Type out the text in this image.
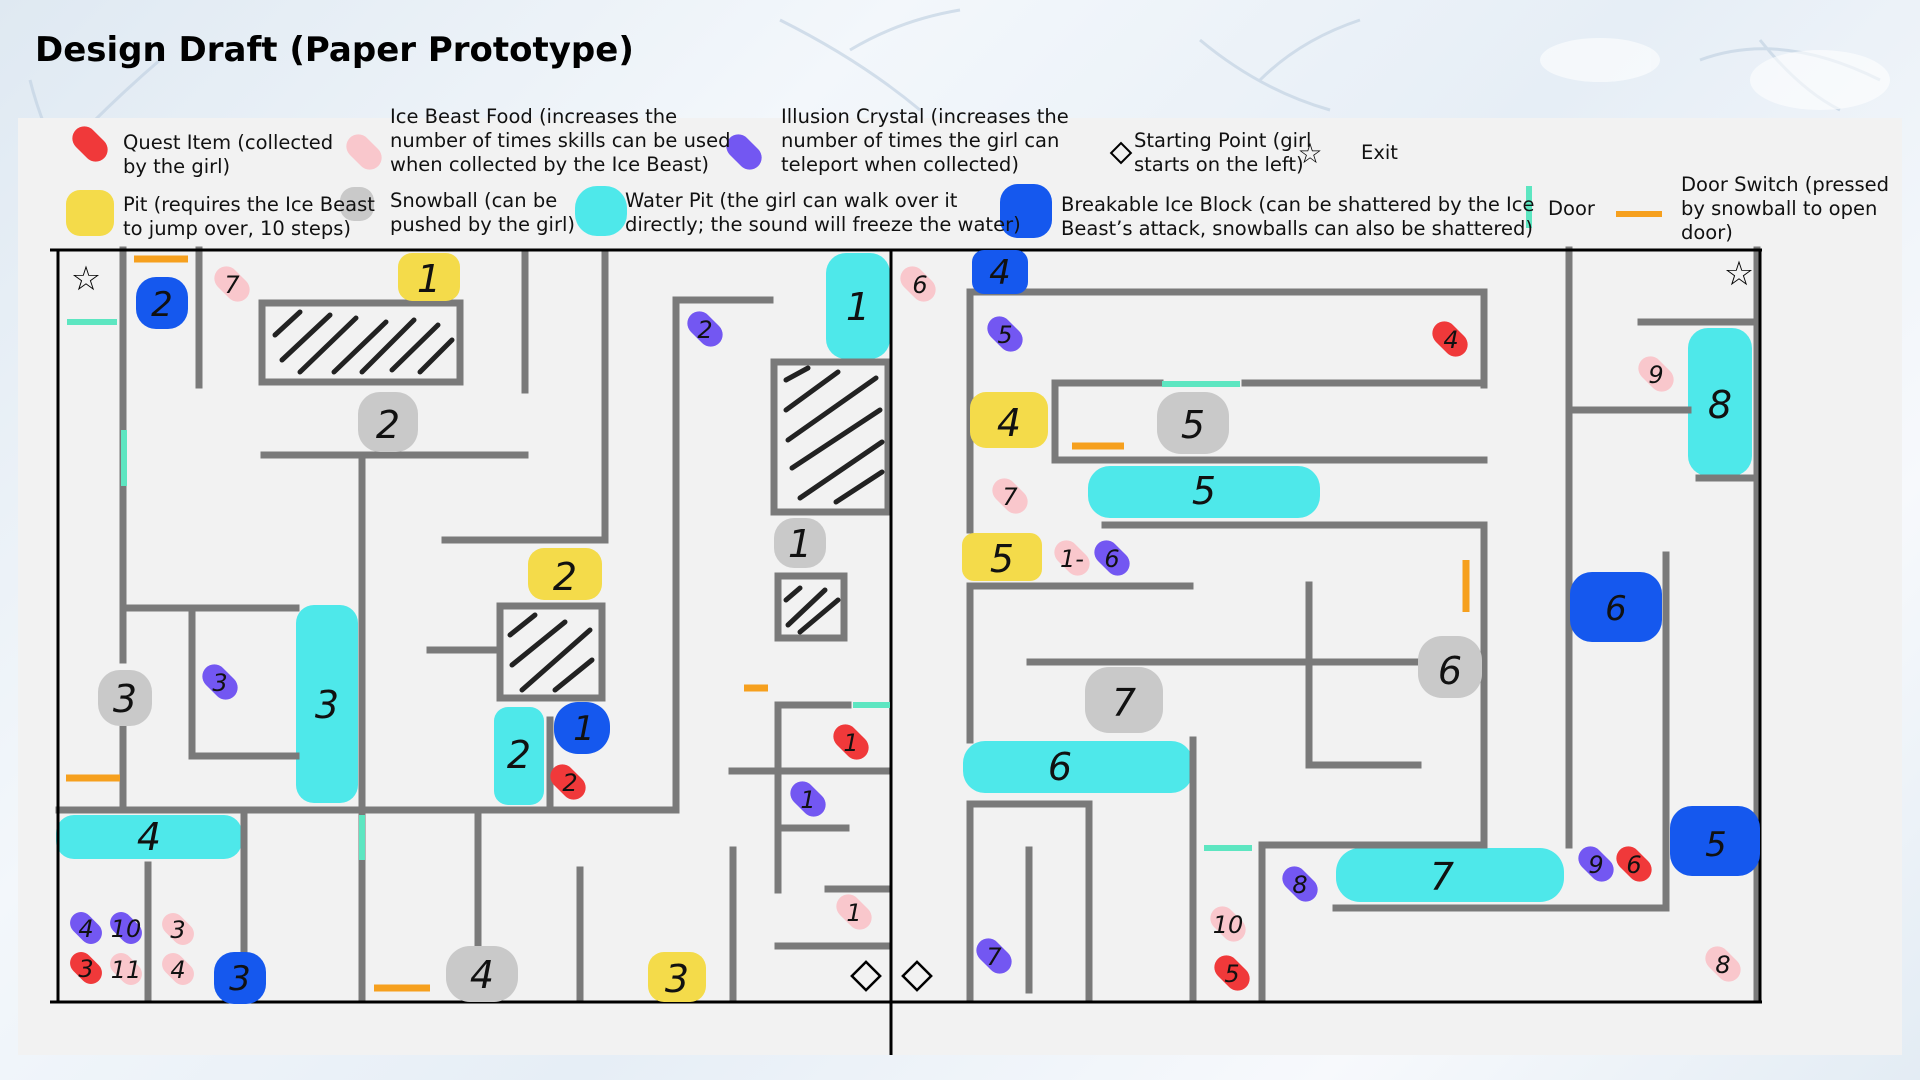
Design Draft (Paper Prototype)
☆
Quest Item (collected
by the girl)
Ice Beast Food (increases the
number of times skills can be used
when collected by the Ice Beast)
Illusion Crystal (increases the
number of times the girl can
teleport when collected)
Starting Point (girl
starts on the left)
Exit
Pit (requires the Ice Beast
to jump over, 10 steps)
Snowball (can be
pushed by the girl)
Water Pit (the girl can walk over it
directly; the sound will freeze the water)
Breakable Ice Block (can be shattered by the Ice
Beast’s attack, snowballs can also be shattered)
Door
Door Switch (pressed
by snowball to open
door)
☆	☆
1
2
3
4
5
2
3
4
1
5
6
7
3
2
4
1
5
6
7
8
2
1
3
4
6
5
2
1
4
6
5
7	6
1
9
8
10
7
1-
2
3
1
5
6
8
7
9
4 10 3
11
3	4
